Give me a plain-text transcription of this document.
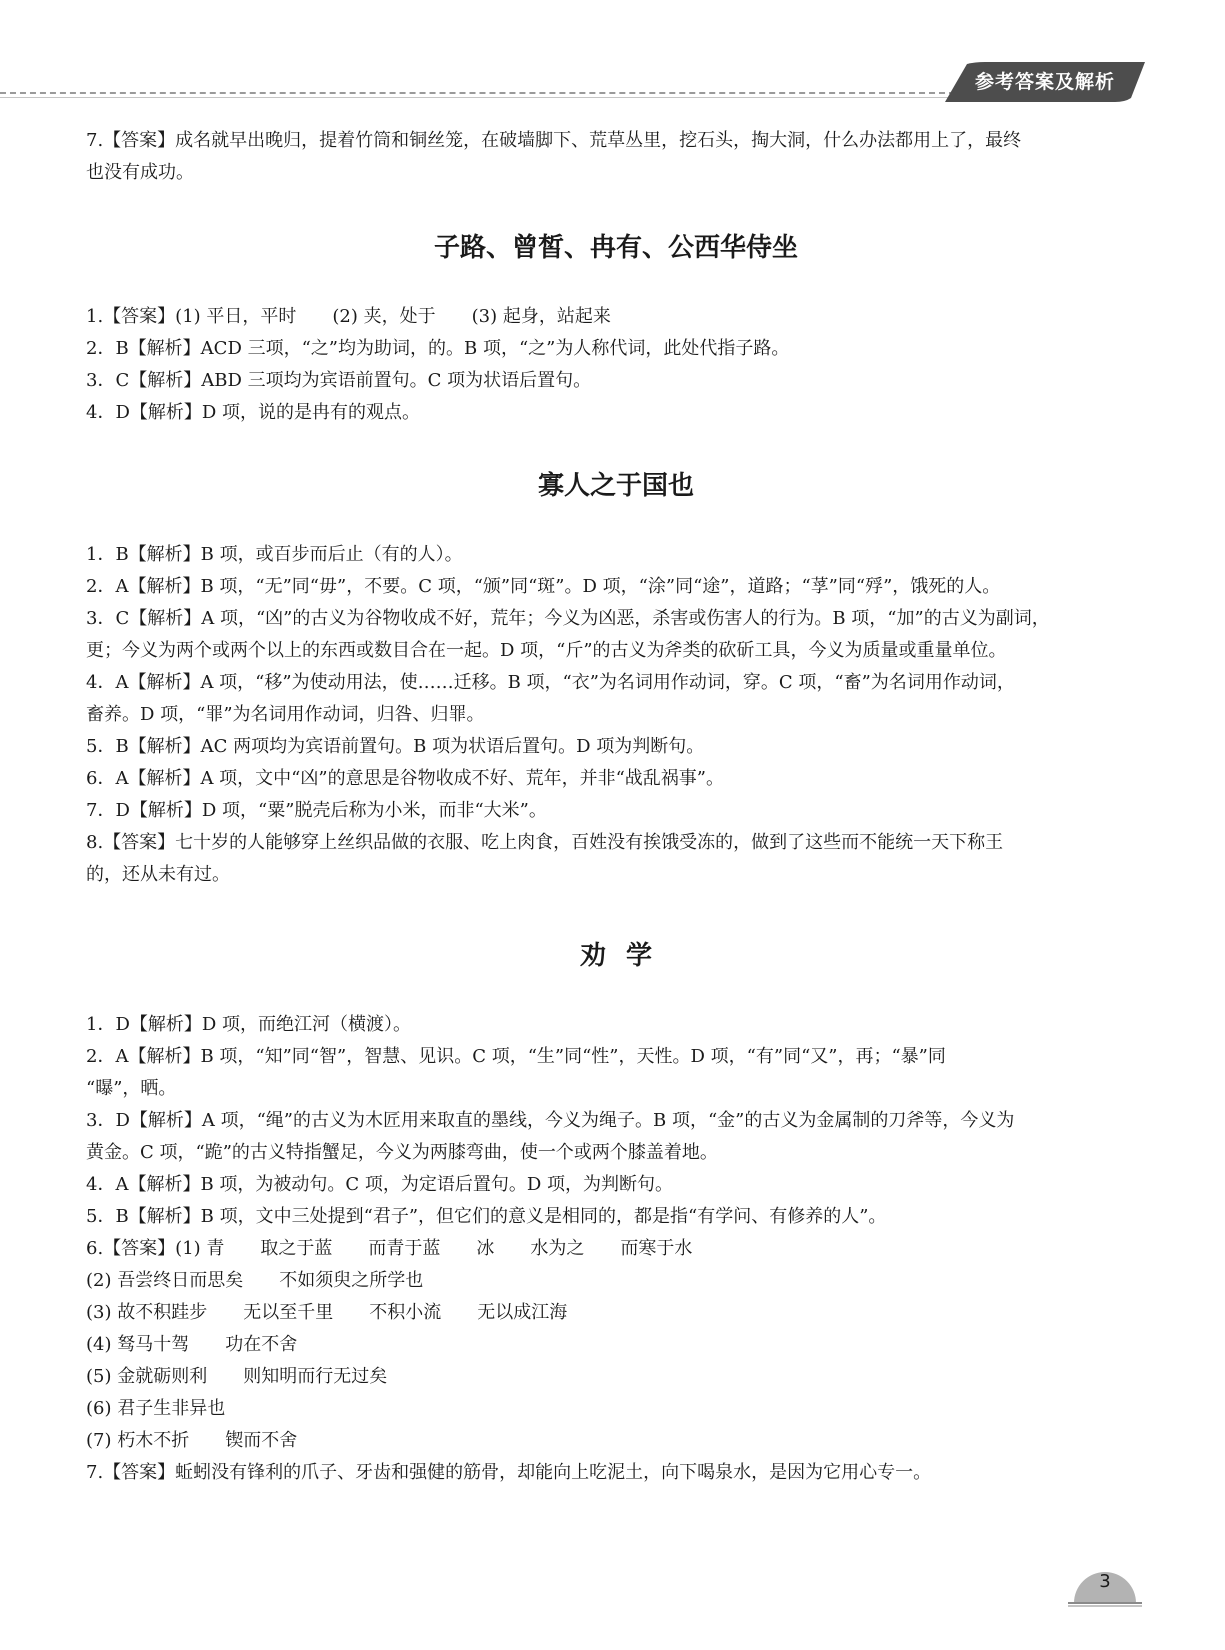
参考答案及解析

7.【答案】成名就早出晚归，提着竹筒和铜丝笼，在破墙脚下、荒草丛里，挖石头，掏大洞，什么办法都用上了，最终

也没有成功。

子路、曾皙、冉有、公西华侍坐

1.【答案】(1) 平日，平时　　(2) 夹，处于　　(3) 起身，站起来

2．B【解析】ACD 三项，“之”均为助词，的。B 项，“之”为人称代词，此处代指子路。

3．C【解析】ABD 三项均为宾语前置句。C 项为状语后置句。

4．D【解析】D 项，说的是冉有的观点。

寡人之于国也

1．B【解析】B 项，或百步而后止（有的人）。

2．A【解析】B 项，“无”同“毋”，不要。C 项，“颁”同“斑”。D 项，“涂”同“途”，道路；“莩”同“殍”，饿死的人。

3．C【解析】A 项，“凶”的古义为谷物收成不好，荒年；今义为凶恶，杀害或伤害人的行为。B 项，“加”的古义为副词，

更；今义为两个或两个以上的东西或数目合在一起。D 项，“斤”的古义为斧类的砍斫工具，今义为质量或重量单位。

4．A【解析】A 项，“移”为使动用法，使……迁移。B 项，“衣”为名词用作动词，穿。C 项，“畜”为名词用作动词，

畜养。D 项，“罪”为名词用作动词，归咎、归罪。

5．B【解析】AC 两项均为宾语前置句。B 项为状语后置句。D 项为判断句。

6．A【解析】A 项，文中“凶”的意思是谷物收成不好、荒年，并非“战乱祸事”。

7．D【解析】D 项，“粟”脱壳后称为小米，而非“大米”。

8.【答案】七十岁的人能够穿上丝织品做的衣服、吃上肉食，百姓没有挨饿受冻的，做到了这些而不能统一天下称王

的，还从未有过。

劝学

1．D【解析】D 项，而绝江河（横渡）。

2．A【解析】B 项，“知”同“智”，智慧、见识。C 项，“生”同“性”，天性。D 项，“有”同“又”，再；“暴”同

“曝”，晒。

3．D【解析】A 项，“绳”的古义为木匠用来取直的墨线，今义为绳子。B 项，“金”的古义为金属制的刀斧等，今义为

黄金。C 项，“跪”的古义特指蟹足，今义为两膝弯曲，使一个或两个膝盖着地。

4．A【解析】B 项，为被动句。C 项，为定语后置句。D 项，为判断句。

5．B【解析】B 项，文中三处提到“君子”，但它们的意义是相同的，都是指“有学问、有修养的人”。

6.【答案】(1) 青　　取之于蓝　　而青于蓝　　冰　　水为之　　而寒于水

(2) 吾尝终日而思矣　　不如须臾之所学也

(3) 故不积跬步　　无以至千里　　不积小流　　无以成江海

(4) 驽马十驾　　功在不舍

(5) 金就砺则利　　则知明而行无过矣

(6) 君子生非异也

(7) 朽木不折　　锲而不舍

7.【答案】蚯蚓没有锋利的爪子、牙齿和强健的筋骨，却能向上吃泥土，向下喝泉水，是因为它用心专一。

3
